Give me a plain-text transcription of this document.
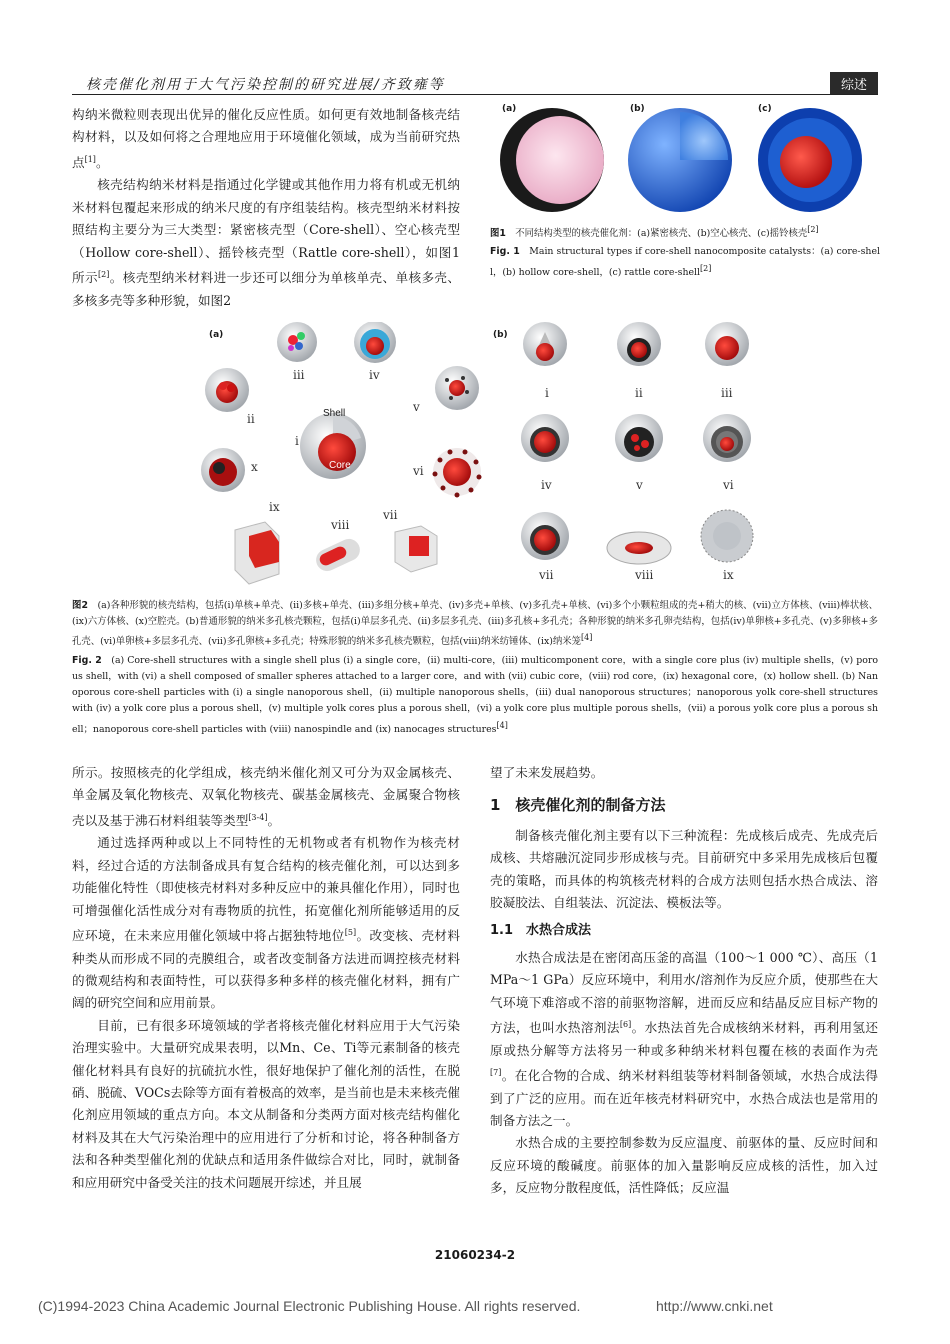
核壳催化剂用于大气污染控制的研究进展/齐致雍等	综述

构纳米微粒则表现出优异的催化反应性质。如何更有效地制备核壳结构材料，以及如何将之合理地应用于环境催化领域，成为当前研究热点[1]。

核壳结构纳米材料是指通过化学键或其他作用力将有机或无机纳米材料包覆起来形成的纳米尺度的有序组装结构。核壳型纳米材料按照结构主要分为三大类型：紧密核壳型（Core-shell）、空心核壳型（Hollow core-shell）、摇铃核壳型（Rattle core-shell），如图1所示[2]。核壳型纳米材料进一步还可以细分为单核单壳、单核多壳、多核多壳等多种形貌，如图2

(a)	(b)	(c)

图1　 不同结构类型的核壳催化剂：(a)紧密核壳、(b)空心核壳、(c)摇铃核壳[2]

Fig. 1　 Main structural types if core-shell nanocomposite catalysts：(a) core-shell，(b) hollow core-shell，(c) rattle core-shell[2]

(a)	(b)
iii	iv
ii
v
Shell
i
Core
x	vi
ix
viii
vii
i	ii	iii
iv	v	vi
vii	viii	ix

图2　 (a)各种形貌的核壳结构，包括(i)单核+单壳、(ii)多核+单壳、(iii)多组分核+单壳、(iv)多壳+单核、(v)多孔壳+单核、(vi)多个小颗粒组成的壳+稍大的核、(vii)立方体核、(viii)棒状核、(ix)六方体核、(x)空腔壳。(b)普通形貌的纳米多孔核壳颗粒，包括(i)单层多孔壳、(ii)多层多孔壳、(iii)多孔核+多孔壳；各种形貌的纳米多孔卵壳结构，包括(iv)单卵核+多孔壳、(v)多卵核+多孔壳、(vi)单卵核+多层多孔壳、(vii)多孔卵核+多孔壳；特殊形貌的纳米多孔核壳颗粒，包括(viii)纳米纺锤体、(ix)纳米笼[4]

Fig. 2　 (a) Core-shell structures with a single shell plus (i) a single core，(ii) multi-core，(iii) multicomponent core，with a single core plus (iv) multiple shells，(v) porous shell，with (vi) a shell composed of smaller spheres attached to a larger core，and with (vii) cubic core，(viii) rod core，(ix) hexagonal core，(x) hollow shell. (b) Nanoporous core-shell particles with (i) a single nanoporous shell，(ii) multiple nanoporous shells，(iii) dual nanoporous structures；nanoporous yolk core-shell structures with (iv) a yolk core plus a porous shell，(v) multiple yolk cores plus a porous shell，(vi) a yolk core plus multiple porous shells，(vii) a porous yolk core plus a porous shell；nanoporous core-shell particles with (viii) nanospindle and (ix) nanocages structures[4]

所示。按照核壳的化学组成，核壳纳米催化剂又可分为双金属核壳、单金属及氧化物核壳、双氧化物核壳、碳基金属核壳、金属聚合物核壳以及基于沸石材料组装等类型[3-4]。

通过选择两种或以上不同特性的无机物或者有机物作为核壳材料，经过合适的方法制备成具有复合结构的核壳催化剂，可以达到多功能催化特性（即使核壳材料对多种反应中的兼具催化作用），同时也可增强催化活性成分对有毒物质的抗性，拓宽催化剂所能够适用的反应环境，在未来应用催化领域中将占据独特地位[5]。改变核、壳材料种类从而形成不同的壳膜组合，或者改变制备方法进而调控核壳材料的微观结构和表面特性，可以获得多种多样的核壳催化材料，拥有广阔的研究空间和应用前景。

目前，已有很多环境领域的学者将核壳催化材料应用于大气污染治理实验中。大量研究成果表明，以Mn、Ce、Ti等元素制备的核壳催化材料具有良好的抗硫抗水性，很好地保护了催化剂的活性，在脱硝、脱硫、VOCs去除等方面有着极高的效率，是当前也是未来核壳催化剂应用领域的重点方向。本文从制备和分类两方面对核壳结构催化材料及其在大气污染治理中的应用进行了分析和讨论，将各种制备方法和各种类型催化剂的优缺点和适用条件做综合对比，同时，就制备和应用研究中备受关注的技术问题展开综述，并且展

望了未来发展趋势。

1　核壳催化剂的制备方法

制备核壳催化剂主要有以下三种流程：先成核后成壳、先成壳后成核、共熔融沉淀同步形成核与壳。目前研究中多采用先成核后包覆壳的策略，而具体的构筑核壳材料的合成方法则包括水热合成法、溶胶凝胶法、自组装法、沉淀法、模板法等。

1.1　水热合成法

水热合成法是在密闭高压釜的高温（100～1 000 ℃）、高压（1 MPa～1 GPa）反应环境中，利用水/溶剂作为反应介质，使那些在大气环境下难溶或不溶的前驱物溶解，进而反应和结晶反应目标产物的方法，也叫水热溶剂法[6]。水热法首先合成核纳米材料，再利用氢还原或热分解等方法将另一种或多种纳米材料包覆在核的表面作为壳[7]。在化合物的合成、纳米材料组装等材料制备领域，水热合成法得到了广泛的应用。而在近年核壳材料研究中，水热合成法也是常用的制备方法之一。

水热合成的主要控制参数为反应温度、前驱体的量、反应时间和反应环境的酸碱度。前驱体的加入量影响反应成核的活性，加入过多，反应物分散程度低，活性降低；反应温

21060234-2
(C)1994-2023 China Academic Journal Electronic Publishing House. All rights reserved.	http://www.cnki.net
